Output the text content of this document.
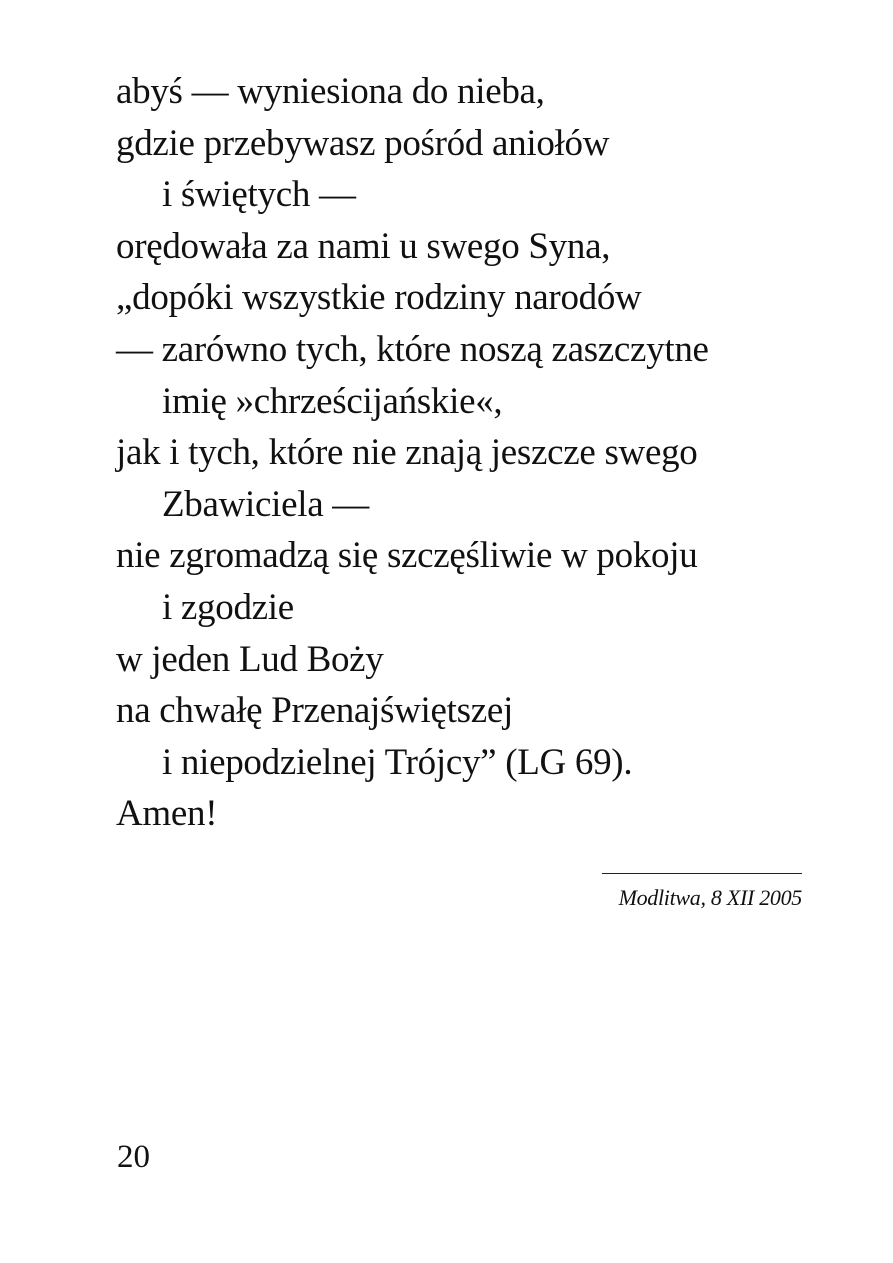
abyś — wyniesiona do nieba,
gdzie przebywasz pośród aniołów
i świętych —
orędowała za nami u swego Syna,
„dopóki wszystkie rodziny narodów
— zarówno tych, które noszą zaszczytne
imię »chrześcijańskie«,
jak i tych, które nie znają jeszcze swego
Zbawiciela —
nie zgromadzą się szczęśliwie w pokoju
i zgodzie
w jeden Lud Boży
na chwałę Przenajświętszej
i niepodzielnej Trójcy” (LG 69).
Amen!
Modlitwa, 8 XII 2005
20
